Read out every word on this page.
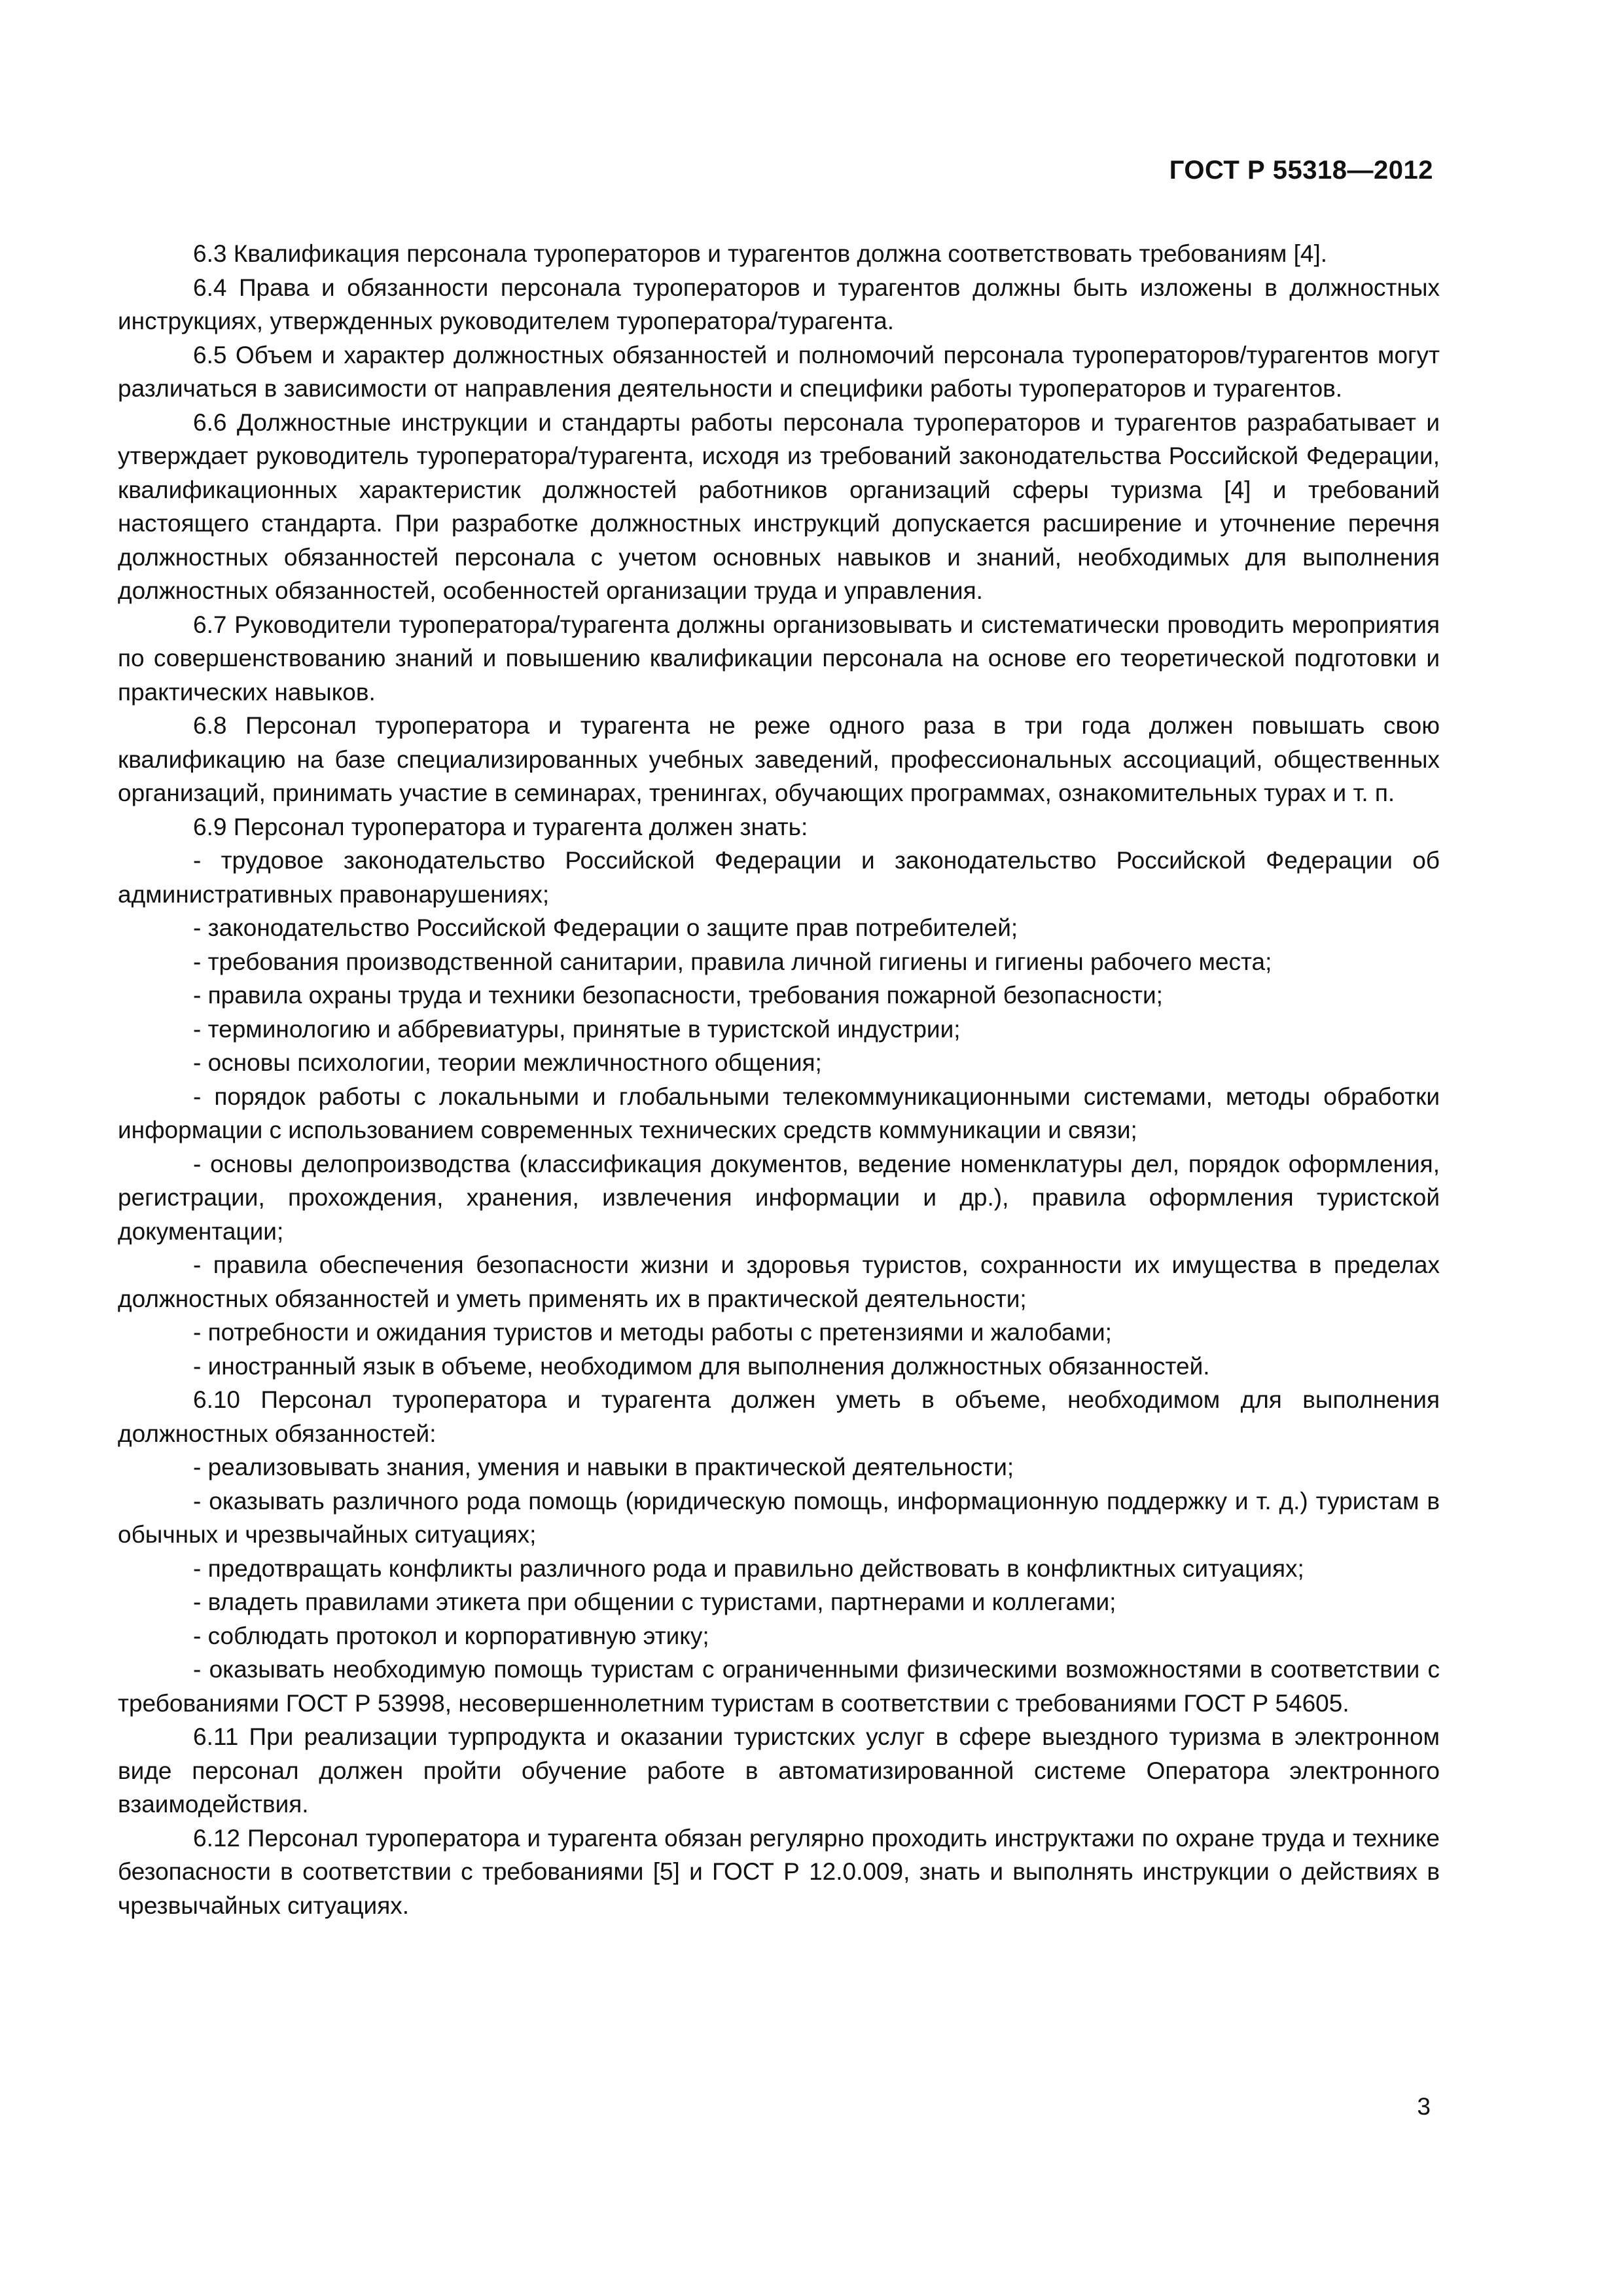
ГОСТ Р 55318—2012

6.3 Квалификация персонала туроператоров и турагентов должна соответствовать требованиям [4].

6.4 Права и обязанности персонала туроператоров и турагентов должны быть изложены в должностных инструкциях, утвержденных руководителем туроператора/турагента.

6.5 Объем и характер должностных обязанностей и полномочий персонала туроператоров/турагентов могут различаться в зависимости от направления деятельности и специфики работы туроператоров и турагентов.

6.6 Должностные инструкции и стандарты работы персонала туроператоров и турагентов разрабатывает и утверждает руководитель туроператора/турагента, исходя из требований законодательства Российской Федерации, квалификационных характеристик должностей работников организаций сферы туризма [4] и требований настоящего стандарта. При разработке должностных инструкций допускается расширение и уточнение перечня должностных обязанностей персонала с учетом основных навыков и знаний, необходимых для выполнения должностных обязанностей, особенностей организации труда и управления.

6.7 Руководители туроператора/турагента должны организовывать и систематически проводить мероприятия по совершенствованию знаний и повышению квалификации персонала на основе его теоретической подготовки и практических навыков.

6.8 Персонал туроператора и турагента не реже одного раза в три года должен повышать свою квалификацию на базе специализированных учебных заведений, профессиональных ассоциаций, общественных организаций, принимать участие в семинарах, тренингах, обучающих программах, ознакомительных турах и т. п.

6.9 Персонал туроператора и турагента должен знать:

- трудовое законодательство Российской Федерации и законодательство Российской Федерации об административных правонарушениях;

- законодательство Российской Федерации о защите прав потребителей;

- требования производственной санитарии, правила личной гигиены и гигиены рабочего места;

- правила охраны труда и техники безопасности, требования пожарной безопасности;

- терминологию и аббревиатуры, принятые в туристской индустрии;

- основы психологии, теории межличностного общения;

- порядок работы с локальными и глобальными телекоммуникационными системами, методы обработки информации с использованием современных технических средств коммуникации и связи;

- основы делопроизводства (классификация документов, ведение номенклатуры дел, порядок оформления, регистрации, прохождения, хранения, извлечения информации и др.), правила оформления туристской документации;

- правила обеспечения безопасности жизни и здоровья туристов, сохранности их имущества в пределах должностных обязанностей и уметь применять их в практической деятельности;

- потребности и ожидания туристов и методы работы с претензиями и жалобами;

- иностранный язык в объеме, необходимом для выполнения должностных обязанностей.

6.10 Персонал туроператора и турагента должен уметь в объеме, необходимом для выполнения должностных обязанностей:

- реализовывать знания, умения и навыки в практической деятельности;

- оказывать различного рода помощь (юридическую помощь, информационную поддержку и т. д.) туристам в обычных и чрезвычайных ситуациях;

- предотвращать конфликты различного рода и правильно действовать в конфликтных ситуациях;

- владеть правилами этикета при общении с туристами, партнерами и коллегами;

- соблюдать протокол и корпоративную этику;

- оказывать необходимую помощь туристам с ограниченными физическими возможностями в соответствии с требованиями ГОСТ Р 53998, несовершеннолетним туристам в соответствии с требованиями ГОСТ Р 54605.

6.11 При реализации турпродукта и оказании туристских услуг в сфере выездного туризма в электронном виде персонал должен пройти обучение работе в автоматизированной системе Оператора электронного взаимодействия.

6.12 Персонал туроператора и турагента обязан регулярно проходить инструктажи по охране труда и технике безопасности в соответствии с требованиями [5] и ГОСТ Р 12.0.009, знать и выполнять инструкции о действиях в чрезвычайных ситуациях.

3
